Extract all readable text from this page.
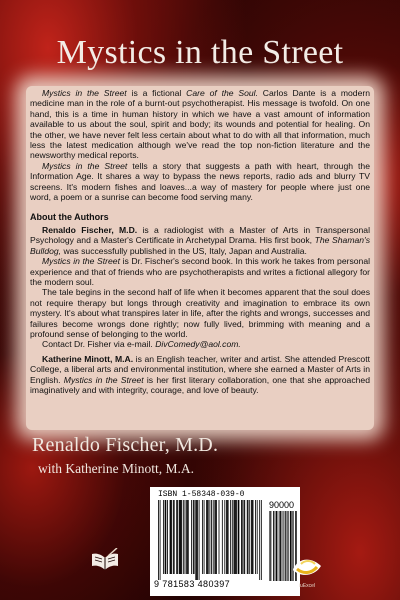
Mystics in the Street

Mystics in the Street is a fictional Care of the Soul. Carlos Dante is a modern medicine man in the role of a burnt-out psychotherapist. His message is twofold. On one hand, this is a time in human history in which we have a vast amount of information available to us about the soul, spirit and body; its wounds and potential for healing. On the other, we have never felt less certain about what to do with all that information, much less the latest medication although we've read the top non-fiction literature and the newsworthy medical reports.

Mystics in the Street tells a story that suggests a path with heart, through the Information Age. It shares a way to bypass the news reports, radio ads and blurry TV screens. It's modern fishes and loaves...a way of mastery for people where just one word, a poem or a sunrise can become food serving many.

About the Authors

Renaldo Fischer, M.D. is a radiologist with a Master of Arts in Transpersonal Psychology and a Master's Certificate in Archetypal Drama. His first book, The Shaman's Bulldog, was successfully published in the US, Italy, Japan and Australia.

Mystics in the Street is Dr. Fischer's second book. In this work he takes from personal experience and that of friends who are psychotherapists and writes a fictional allegory for the modern soul.

The tale begins in the second half of life when it becomes apparent that the soul does not require therapy but longs through creativity and imagination to embrace its own mystery. It's about what transpires later in life, after the rights and wrongs, successes and failures become wrongs done rightly; now fully lived, brimming with meaning and a profound sense of belonging to the world.

Contact Dr. Fisher via e-mail. DivComedy@aol.com.

Katherine Minott, M.A. is an English teacher, writer and artist. She attended Prescott College, a liberal arts and environmental institution, where she earned a Master of Arts in English. Mystics in the Street is her first literary collaboration, one that she approached imaginatively and with integrity, courage, and love of beauty.

Renaldo Fischer, M.D.
with Katherine Minott, M.A.
ISBN 1-58348-039-0
90000
9 781583 480397	iuExcel
